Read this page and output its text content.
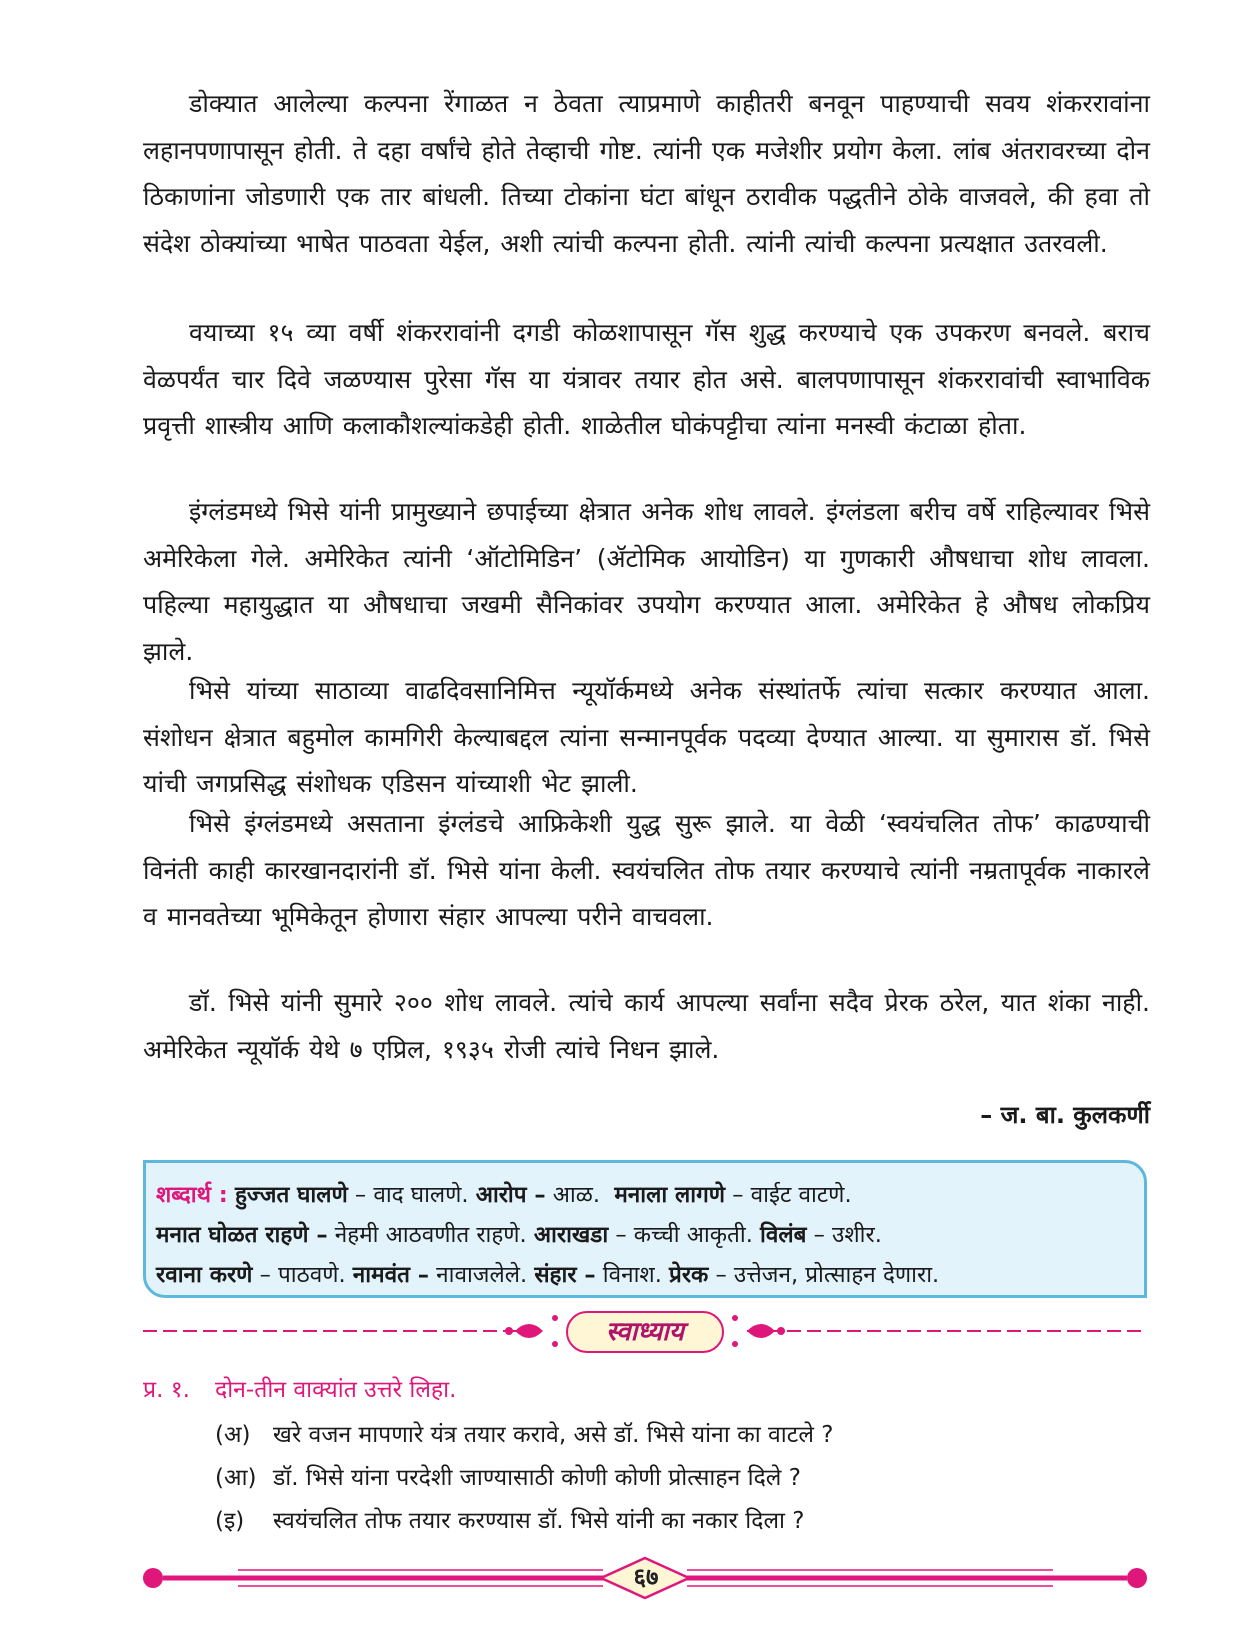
डोक्यात आलेल्या कल्पना रेंगाळत न ठेवता त्याप्रमाणे काहीतरी बनवून पाहण्याची सवय शंकररावांना लहानपणापासून होती. ते दहा वर्षांचे होते तेव्हाची गोष्ट. त्यांनी एक मजेशीर प्रयोग केला. लांब अंतरावरच्या दोन ठिकाणांना जोडणारी एक तार बांधली. तिच्या टोकांना घंटा बांधून ठरावीक पद्धतीने ठोके वाजवले, की हवा तो संदेश ठोक्यांच्या भाषेत पाठवता येईल, अशी त्यांची कल्पना होती. त्यांनी त्यांची कल्पना प्रत्यक्षात उतरवली.

वयाच्या १५ व्या वर्षी शंकररावांनी दगडी कोळशापासून गॅस शुद्ध करण्याचे एक उपकरण बनवले. बराच वेळपर्यंत चार दिवे जळण्यास पुरेसा गॅस या यंत्रावर तयार होत असे. बालपणापासून शंकररावांची स्वाभाविक प्रवृत्ती शास्त्रीय आणि कलाकौशल्यांकडेही होती. शाळेतील घोकंपट्टीचा त्यांना मनस्वी कंटाळा होता.

इंग्लंडमध्ये भिसे यांनी प्रामुख्याने छपाईच्या क्षेत्रात अनेक शोध लावले. इंग्लंडला बरीच वर्षे राहिल्यावर भिसे अमेरिकेला गेले. अमेरिकेत त्यांनी ‘ऑटोमिडिन’ (ॲटोमिक आयोडिन) या गुणकारी औषधाचा शोध लावला. पहिल्या महायुद्धात या औषधाचा जखमी सैनिकांवर उपयोग करण्यात आला. अमेरिकेत हे औषध लोकप्रिय झाले.

भिसे यांच्या साठाव्या वाढदिवसानिमित्त न्यूयॉर्कमध्ये अनेक संस्थांतर्फे त्यांचा सत्कार करण्यात आला. संशोधन क्षेत्रात बहुमोल कामगिरी केल्याबद्दल त्यांना सन्मानपूर्वक पदव्या देण्यात आल्या. या सुमारास डॉ. भिसे यांची जगप्रसिद्ध संशोधक एडिसन यांच्याशी भेट झाली.

भिसे इंग्लंडमध्ये असताना इंग्लंडचे आफ्रिकेशी युद्ध सुरू झाले. या वेळी ‘स्वयंचलित तोफ’ काढण्याची विनंती काही कारखानदारांनी डॉ. भिसे यांना केली. स्वयंचलित तोफ तयार करण्याचे त्यांनी नम्रतापूर्वक नाकारले व मानवतेच्या भूमिकेतून होणारा संहार आपल्या परीने वाचवला.

डॉ. भिसे यांनी सुमारे २०० शोध लावले. त्यांचे कार्य आपल्या सर्वांना सदैव प्रेरक ठरेल, यात शंका नाही. अमेरिकेत न्यूयॉर्क येथे ७ एप्रिल, १९३५ रोजी त्यांचे निधन झाले.

– ज. बा. कुलकर्णी

शब्दार्थ : हुज्जत घालणे – वाद घालणे. आरोप – आळ. मनाला लागणे – वाईट वाटणे.
मनात घोळत राहणे – नेहमी आठवणीत राहणे. आराखडा – कच्ची आकृती. विलंब – उशीर.
रवाना करणे – पाठवणे. नामवंत – नावाजलेले. संहार – विनाश. प्रेरक – उत्तेजन, प्रोत्साहन देणारा.
स्वाध्याय

प्र. १. दोन-तीन वाक्यांत उत्तरे लिहा.

(अ) खरे वजन मापणारे यंत्र तयार करावे, असे डॉ. भिसे यांना का वाटले ?

(आ) डॉ. भिसे यांना परदेशी जाण्यासाठी कोणी कोणी प्रोत्साहन दिले ?

(इ) स्वयंचलित तोफ तयार करण्यास डॉ. भिसे यांनी का नकार दिला ?

६७
